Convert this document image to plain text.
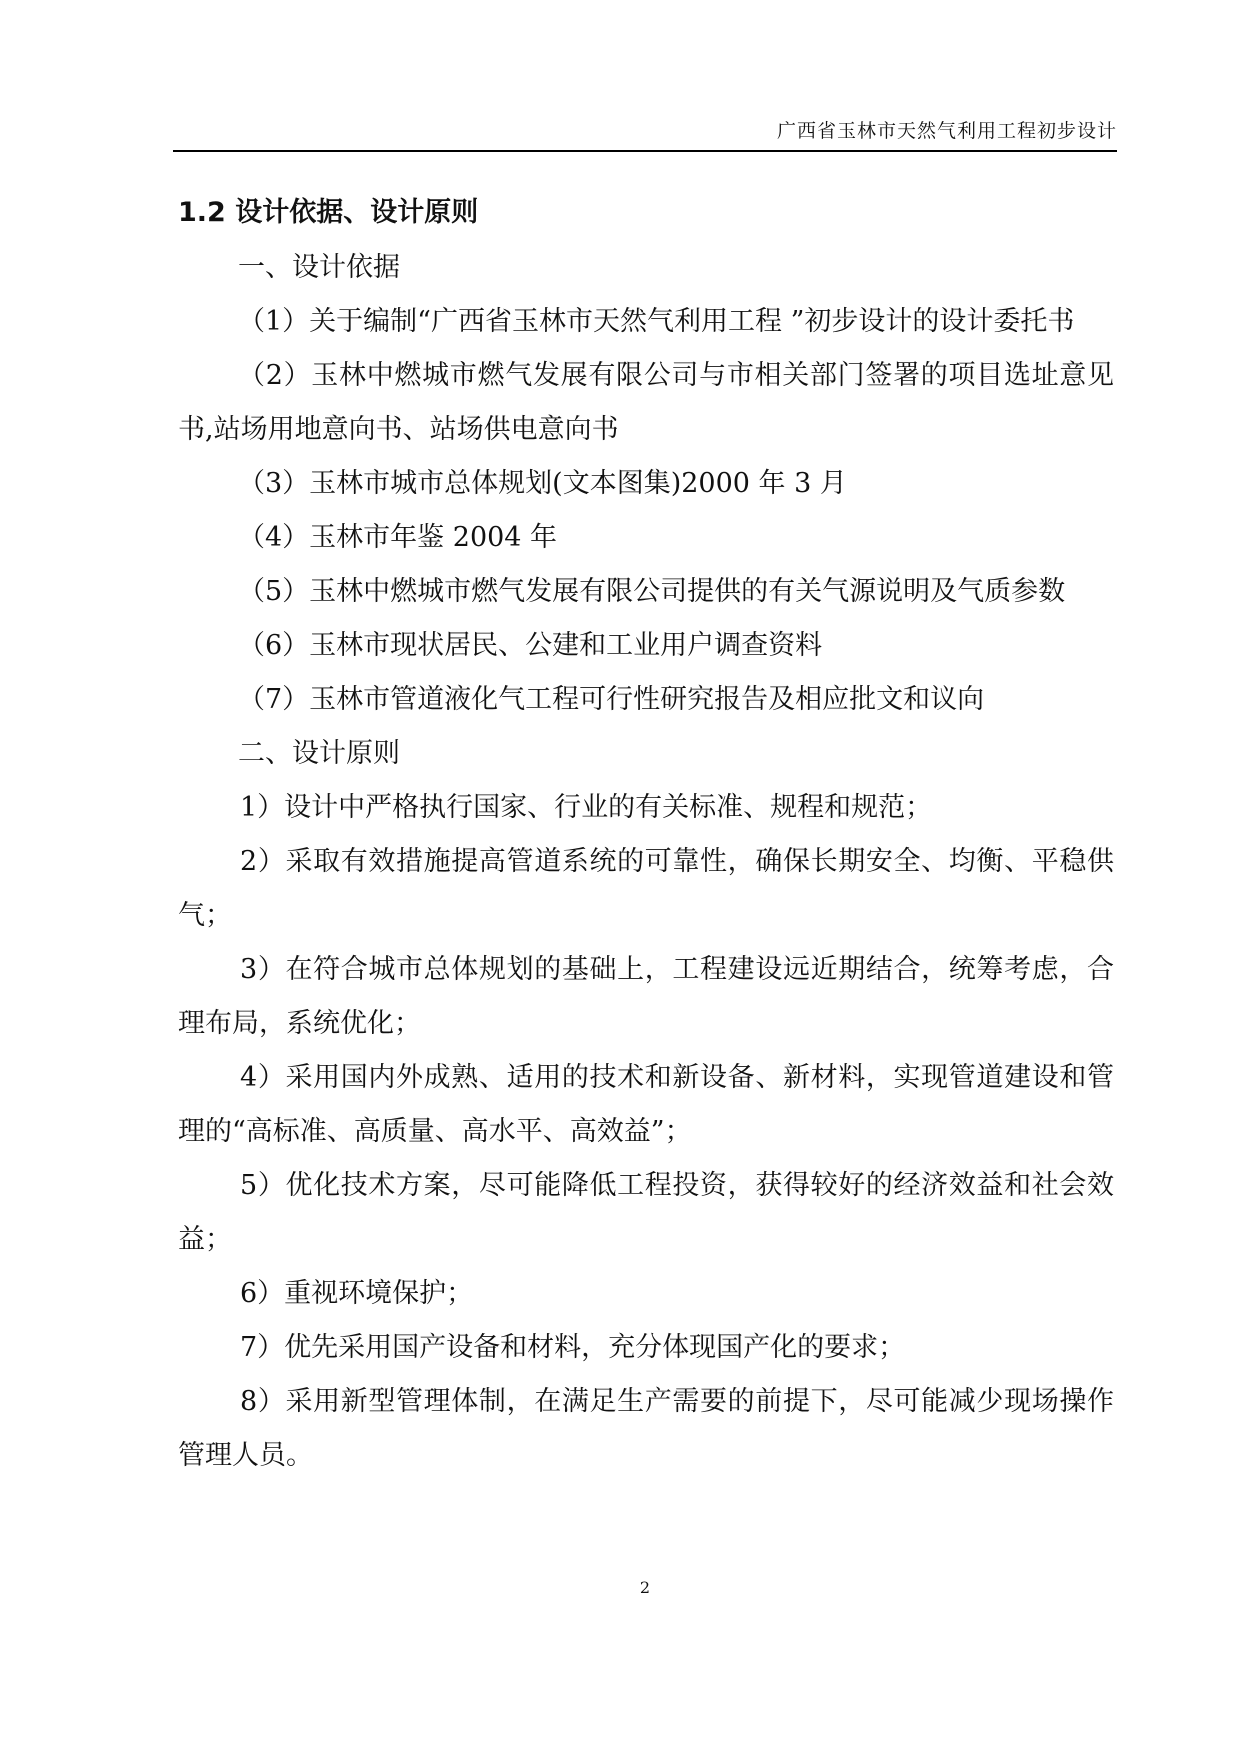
广西省玉林市天然气利用工程初步设计
1.2 设计依据、设计原则

一、设计依据

（1）关于编制“广西省玉林市天然气利用工程 ”初步设计的设计委托书

（2）玉林中燃城市燃气发展有限公司与市相关部门签署的项目选址意见书,站场用地意向书、站场供电意向书

（3）玉林市城市总体规划(文本图集)2000 年 3 月

（4）玉林市年鉴 2004 年

（5）玉林中燃城市燃气发展有限公司提供的有关气源说明及气质参数

（6）玉林市现状居民、公建和工业用户调查资料

（7）玉林市管道液化气工程可行性研究报告及相应批文和议向

二、设计原则

1）设计中严格执行国家、行业的有关标准、规程和规范；

2）采取有效措施提高管道系统的可靠性，确保长期安全、均衡、平稳供气；

3）在符合城市总体规划的基础上，工程建设远近期结合，统筹考虑，合理布局，系统优化；

4）采用国内外成熟、适用的技术和新设备、新材料，实现管道建设和管理的“高标准、高质量、高水平、高效益”；

5）优化技术方案，尽可能降低工程投资，获得较好的经济效益和社会效益；

6）重视环境保护；

7）优先采用国产设备和材料，充分体现国产化的要求；

8）采用新型管理体制，在满足生产需要的前提下，尽可能减少现场操作管理人员。

2
